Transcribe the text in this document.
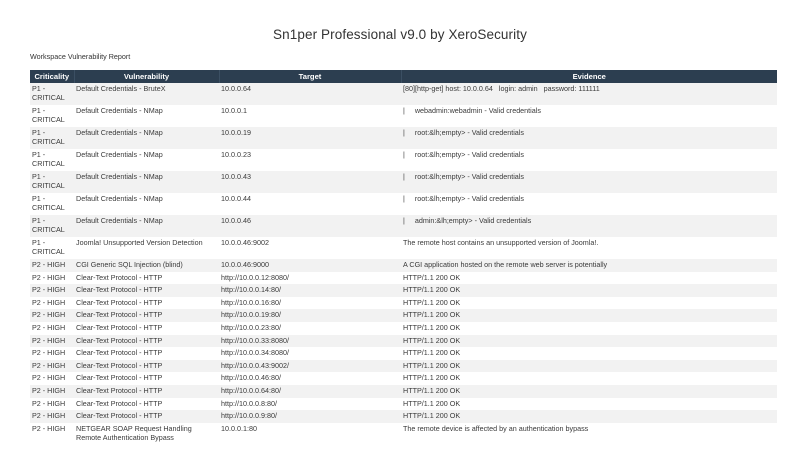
Sn1per Professional v9.0 by XeroSecurity
Workspace Vulnerability Report
Criticality	Vulnerability	Target	Evidence
P1 - CRITICAL	Default Credentials - BruteX	10.0.0.64	[80][http-get] host: 10.0.0.64   login: admin   password: 111111
P1 - CRITICAL	Default Credentials - NMap	10.0.0.1	|     webadmin:webadmin - Valid credentials
P1 - CRITICAL	Default Credentials - NMap	10.0.0.19	|     root:&lh;empty> - Valid credentials
P1 - CRITICAL	Default Credentials - NMap	10.0.0.23	|     root:&lh;empty> - Valid credentials
P1 - CRITICAL	Default Credentials - NMap	10.0.0.43	|     root:&lh;empty> - Valid credentials
P1 - CRITICAL	Default Credentials - NMap	10.0.0.44	|     root:&lh;empty> - Valid credentials
P1 - CRITICAL	Default Credentials - NMap	10.0.0.46	|     admin:&lh;empty> - Valid credentials
P1 - CRITICAL	Joomla! Unsupported Version Detection	10.0.0.46:9002	The remote host contains an unsupported version of Joomla!.
P2 - HIGH	CGI Generic SQL Injection (blind)	10.0.0.46:9000	A CGI application hosted on the remote web server is potentially
P2 - HIGH	Clear-Text Protocol - HTTP	http://10.0.0.12:8080/	HTTP/1.1 200 OK
P2 - HIGH	Clear-Text Protocol - HTTP	http://10.0.0.14:80/	HTTP/1.1 200 OK
P2 - HIGH	Clear-Text Protocol - HTTP	http://10.0.0.16:80/	HTTP/1.1 200 OK
P2 - HIGH	Clear-Text Protocol - HTTP	http://10.0.0.19:80/	HTTP/1.1 200 OK
P2 - HIGH	Clear-Text Protocol - HTTP	http://10.0.0.23:80/	HTTP/1.1 200 OK
P2 - HIGH	Clear-Text Protocol - HTTP	http://10.0.0.33:8080/	HTTP/1.1 200 OK
P2 - HIGH	Clear-Text Protocol - HTTP	http://10.0.0.34:8080/	HTTP/1.1 200 OK
P2 - HIGH	Clear-Text Protocol - HTTP	http://10.0.0.43:9002/	HTTP/1.1 200 OK
P2 - HIGH	Clear-Text Protocol - HTTP	http://10.0.0.46:80/	HTTP/1.1 200 OK
P2 - HIGH	Clear-Text Protocol - HTTP	http://10.0.0.64:80/	HTTP/1.1 200 OK
P2 - HIGH	Clear-Text Protocol - HTTP	http://10.0.0.8:80/	HTTP/1.1 200 OK
P2 - HIGH	Clear-Text Protocol - HTTP	http://10.0.0.9:80/	HTTP/1.1 200 OK
P2 - HIGH	NETGEAR SOAP Request Handling Remote Authentication Bypass	10.0.0.1:80	The remote device is affected by an authentication bypass
